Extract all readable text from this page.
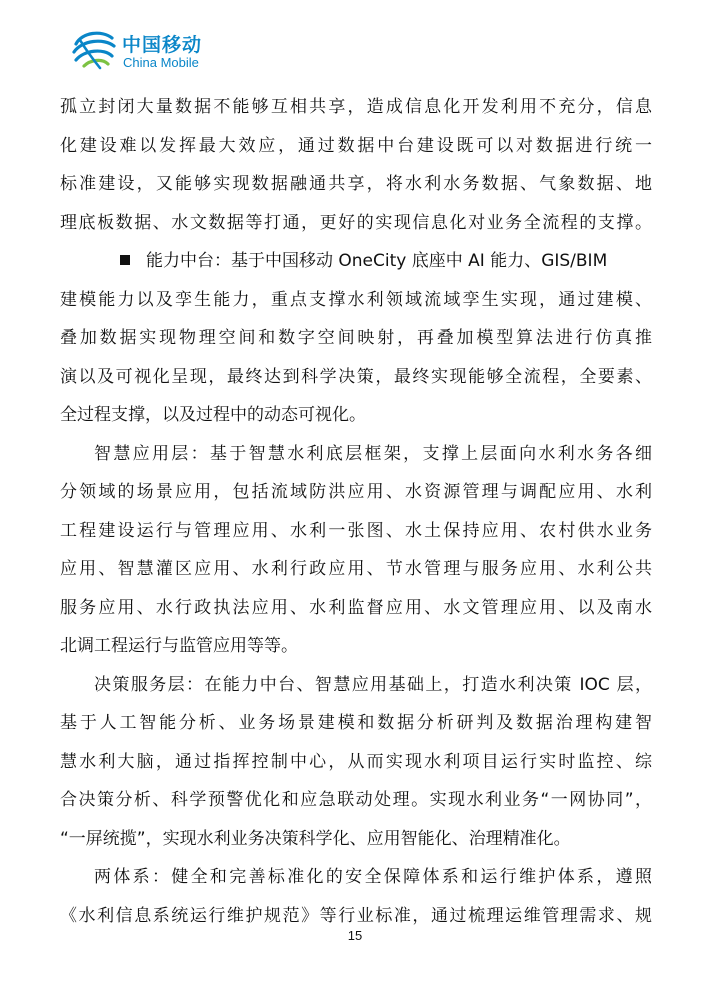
中国移动
China Mobile
孤立封闭大量数据不能够互相共享，造成信息化开发利用不充分，信息
化建设难以发挥最大效应，通过数据中台建设既可以对数据进行统一
标准建设，又能够实现数据融通共享，将水利水务数据、气象数据、地
理底板数据、水文数据等打通，更好的实现信息化对业务全流程的支撑。
能力中台：基于中国移动 OneCity 底座中 AI 能力、GIS/BIM
建模能力以及孪生能力，重点支撑水利领域流域孪生实现，通过建模、
叠加数据实现物理空间和数字空间映射，再叠加模型算法进行仿真推
演以及可视化呈现，最终达到科学决策，最终实现能够全流程，全要素、
全过程支撑，以及过程中的动态可视化。
智慧应用层：基于智慧水利底层框架，支撑上层面向水利水务各细
分领域的场景应用，包括流域防洪应用、水资源管理与调配应用、水利
工程建设运行与管理应用、水利一张图、水土保持应用、农村供水业务
应用、智慧灌区应用、水利行政应用、节水管理与服务应用、水利公共
服务应用、水行政执法应用、水利监督应用、水文管理应用、以及南水
北调工程运行与监管应用等等。
决策服务层：在能力中台、智慧应用基础上，打造水利决策 IOC 层，
基于人工智能分析、业务场景建模和数据分析研判及数据治理构建智
慧水利大脑，通过指挥控制中心，从而实现水利项目运行实时监控、综
合决策分析、科学预警优化和应急联动处理。实现水利业务“一网协同”，
“一屏统揽”，实现水利业务决策科学化、应用智能化、治理精准化。
两体系：健全和完善标准化的安全保障体系和运行维护体系，遵照
《水利信息系统运行维护规范》等行业标准，通过梳理运维管理需求、规
15
